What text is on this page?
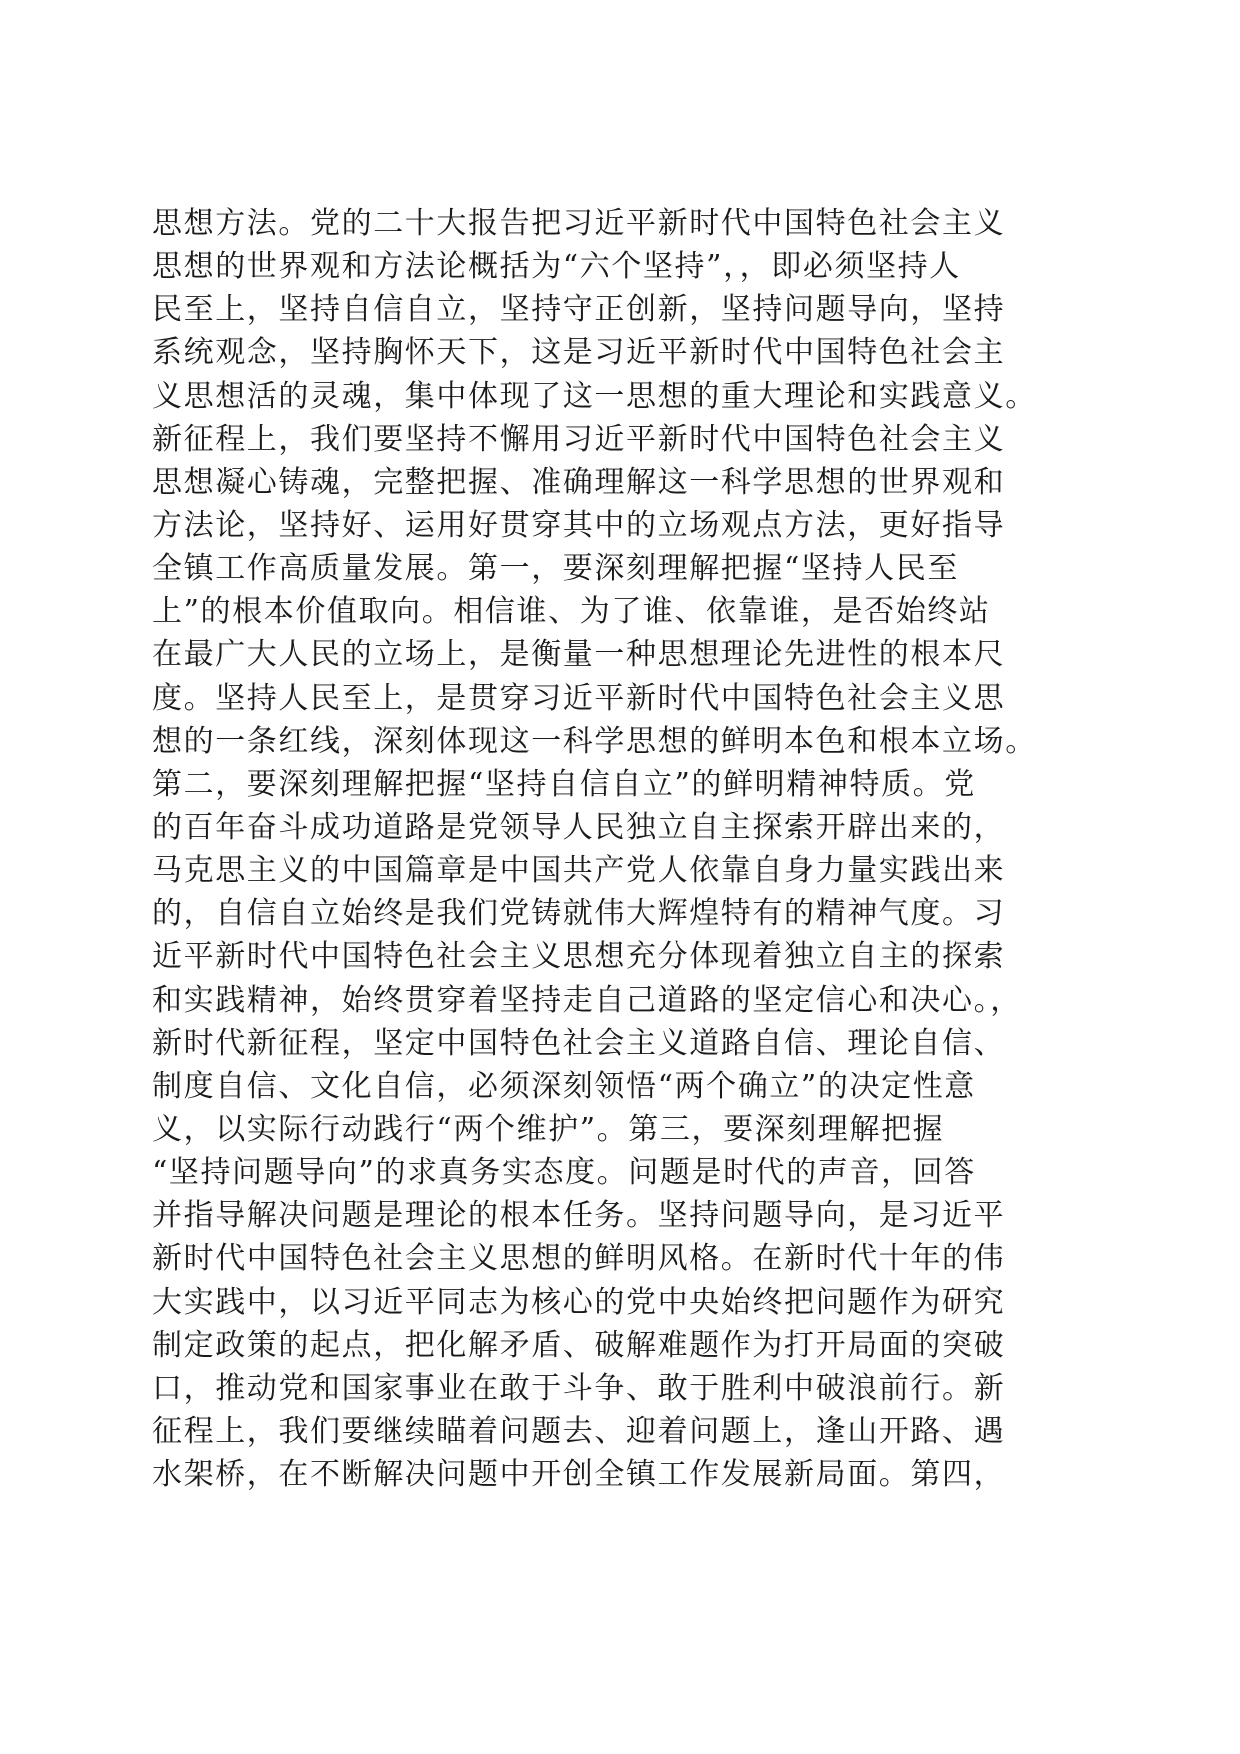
思想方法。党的二十大报告把习近平新时代中国特色社会主义
思想的世界观和方法论概括为“六个坚持”，，即必须坚持人
民至上，坚持自信自立，坚持守正创新，坚持问题导向，坚持
系统观念，坚持胸怀天下，这是习近平新时代中国特色社会主
义思想活的灵魂，集中体现了这一思想的重大理论和实践意义。
新征程上，我们要坚持不懈用习近平新时代中国特色社会主义
思想凝心铸魂，完整把握、准确理解这一科学思想的世界观和
方法论，坚持好、运用好贯穿其中的立场观点方法，更好指导
全镇工作高质量发展。第一，要深刻理解把握“坚持人民至
上”的根本价值取向。相信谁、为了谁、依靠谁，是否始终站
在最广大人民的立场上，是衡量一种思想理论先进性的根本尺
度。坚持人民至上，是贯穿习近平新时代中国特色社会主义思
想的一条红线，深刻体现这一科学思想的鲜明本色和根本立场。
第二，要深刻理解把握“坚持自信自立”的鲜明精神特质。党
的百年奋斗成功道路是党领导人民独立自主探索开辟出来的，
马克思主义的中国篇章是中国共产党人依靠自身力量实践出来
的，自信自立始终是我们党铸就伟大辉煌特有的精神气度。习
近平新时代中国特色社会主义思想充分体现着独立自主的探索
和实践精神，始终贯穿着坚持走自己道路的坚定信心和决心。，
新时代新征程，坚定中国特色社会主义道路自信、理论自信、
制度自信、文化自信，必须深刻领悟“两个确立”的决定性意
义，以实际行动践行“两个维护”。第三，要深刻理解把握
“坚持问题导向”的求真务实态度。问题是时代的声音，回答
并指导解决问题是理论的根本任务。坚持问题导向，是习近平
新时代中国特色社会主义思想的鲜明风格。在新时代十年的伟
大实践中，以习近平同志为核心的党中央始终把问题作为研究
制定政策的起点，把化解矛盾、破解难题作为打开局面的突破
口，推动党和国家事业在敢于斗争、敢于胜利中破浪前行。新
征程上，我们要继续瞄着问题去、迎着问题上，逢山开路、遇
水架桥，在不断解决问题中开创全镇工作发展新局面。第四，
